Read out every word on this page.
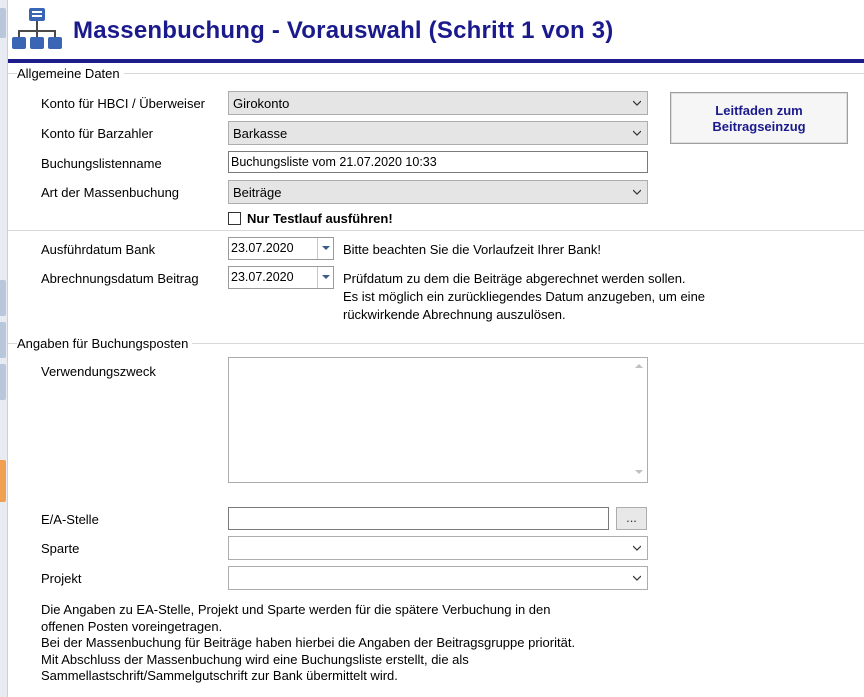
Massenbuchung - Vorauswahl (Schritt 1 von 3)
Allgemeine Daten
Konto für HBCI / Überweiser	Girokonto
Konto für Barzahler	Barkasse
Buchungslistenname	Buchungsliste vom 21.07.2020 10:33
Art der Massenbuchung	Beiträge
Nur Testlauf ausführen!
Ausführdatum Bank	23.07.2020	Bitte beachten Sie die Vorlaufzeit Ihrer Bank!
Abrechnungsdatum Beitrag	23.07.2020	Prüfdatum zu dem die Beiträge abgerechnet werden sollen.
Es ist möglich ein zurückliegendes Datum anzugeben, um eine
rückwirkende Abrechnung auszulösen.
Leitfaden zum
Beitragseinzug
Angaben für Buchungsposten
Verwendungszweck
E/A-Stelle	...
Sparte
Projekt
Die Angaben zu EA-Stelle, Projekt und Sparte werden für die spätere Verbuchung in den
offenen Posten voreingetragen.
Bei der Massenbuchung für Beiträge haben hierbei die Angaben der Beitragsgruppe priorität.
Mit Abschluss der Massenbuchung wird eine Buchungsliste erstellt, die als
Sammellastschrift/Sammelgutschrift zur Bank übermittelt wird.
